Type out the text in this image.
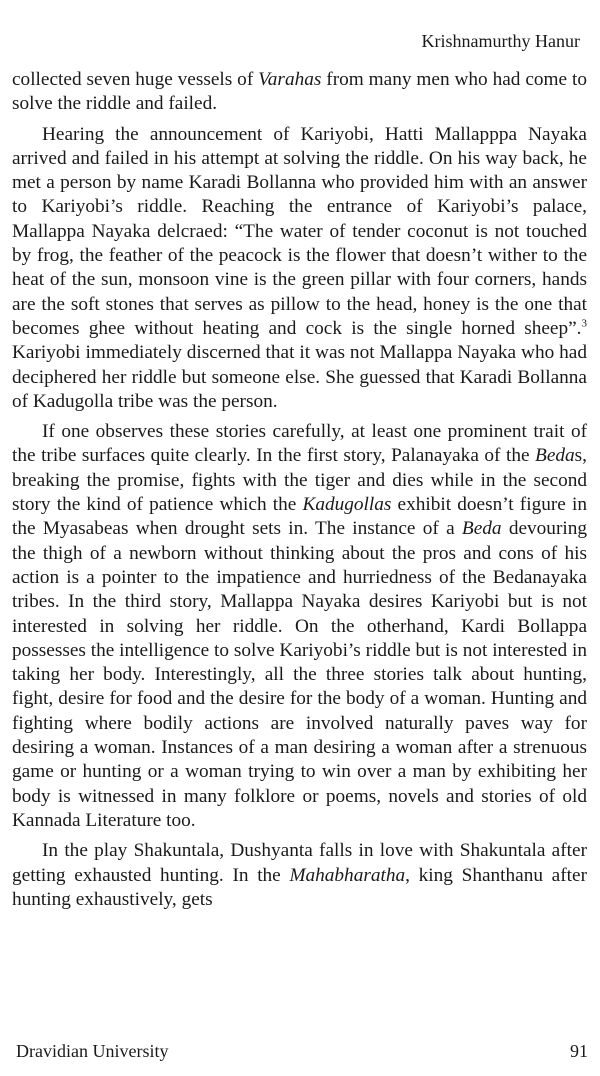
Krishnamurthy Hanur

collected seven huge vessels of Varahas from many men who had come to solve the riddle and failed.

Hearing the announcement of Kariyobi, Hatti Mallapppa Nayaka arrived and failed in his attempt at solving the riddle. On his way back, he met a person by name Karadi Bollanna who provided him with an answer to Kariyobi’s riddle. Reaching the entrance of Kariyobi’s palace, Mallappa Nayaka delcraed: “The water of tender coconut is not touched by frog, the feather of the peacock is the flower that doesn’t wither to the heat of the sun, monsoon vine is the green pillar with four corners, hands are the soft stones that serves as pillow to the head, honey is the one that becomes ghee without heating and cock is the single horned sheep”.$^3$ Kariyobi immediately discerned that it was not Mallappa Nayaka who had deciphered her riddle but someone else. She guessed that Karadi Bollanna of Kadugolla tribe was the person.

If one observes these stories carefully, at least one prominent trait of the tribe surfaces quite clearly. In the first story, Palanayaka of the Bedas, breaking the promise, fights with the tiger and dies while in the second story the kind of patience which the Kadugollas exhibit doesn’t figure in the Myasabeas when drought sets in. The instance of a Beda devouring the thigh of a newborn without thinking about the pros and cons of his action is a pointer to the impatience and hurriedness of the Bedanayaka tribes. In the third story, Mallappa Nayaka desires Kariyobi but is not interested in solving her riddle. On the otherhand, Kardi Bollappa possesses the intelligence to solve Kariyobi’s riddle but is not interested in taking her body. Interestingly, all the three stories talk about hunting, fight, desire for food and the desire for the body of a woman. Hunting and fighting where bodily actions are involved naturally paves way for desiring a woman. Instances of a man desiring a woman after a strenuous game or hunting or a woman trying to win over a man by exhibiting her body is witnessed in many folklore or poems, novels and stories of old Kannada Literature too.

In the play Shakuntala, Dushyanta falls in love with Shakuntala after getting exhausted hunting. In the Mahabharatha, king Shanthanu after hunting exhaustively, gets

Dravidian University	91
